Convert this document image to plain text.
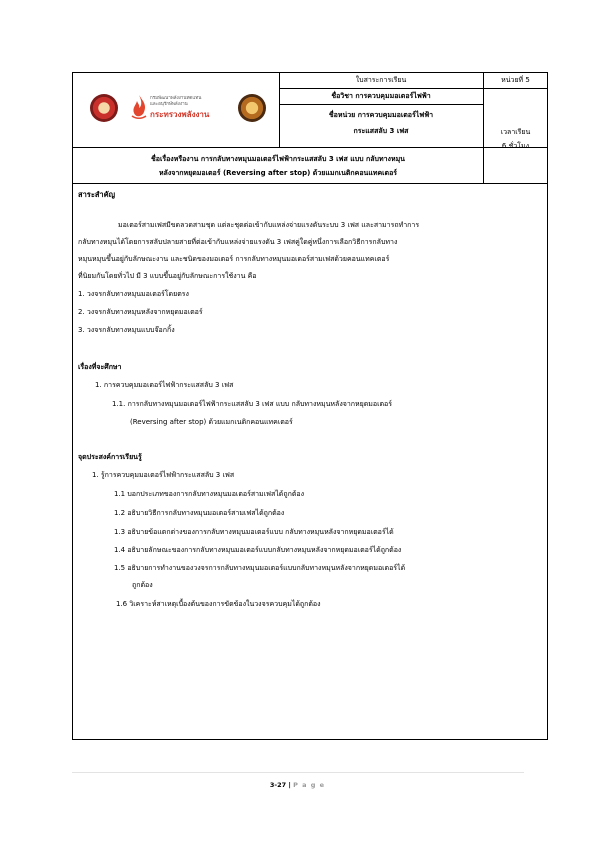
กรมพัฒนาพลังงานทดแทน
และอนุรักษ์พลังงาน
กระทรวงพลังงาน
ใบสาระการเรียน	หน่วยที่ 5
ชื่อวิชา การควบคุมมอเตอร์ไฟฟ้า
ชื่อหน่วย การควบคุมมอเตอร์ไฟฟ้า
กระแสสลับ 3 เฟส	เวลาเรียน
6 ชั่วโมง
ชื่อเรื่องหรืองาน การกลับทางหมุนมอเตอร์ไฟฟ้ากระแสสลับ 3 เฟส แบบ กลับทางหมุน
หลังจากหยุดมอเตอร์ (Reversing after stop) ด้วยแมกเนติกคอนแทคเตอร์
สาระสำคัญ
มอเตอร์สามเฟสมีขดลวดสามชุด แต่ละชุดต่อเข้ากับแหล่งจ่ายแรงดันระบบ 3 เฟส และสามารถทำการ
กลับทางหมุนได้โดยการสลับปลายสายที่ต่อเข้ากับแหล่งจ่ายแรงดัน 3 เฟสคู่ใดคู่หนึ่งการเลือกวิธีการกลับทาง
หมุนหมุนขึ้นอยู่กับลักษณะงาน และชนิดของมอเตอร์ การกลับทางหมุนมอเตอร์สามเฟสด้วยคอนแทคเตอร์
ที่นิยมกันโดยทั่วไป มี 3 แบบขึ้นอยู่กับลักษณะการใช้งาน คือ
1. วงจรกลับทางหมุนมอเตอร์โดยตรง
2. วงจรกลับทางหมุนหลังจากหยุดมอเตอร์
3. วงจรกลับทางหมุนแบบจ๊อกกิ้ง
เรื่องที่จะศึกษา
1. การควบคุมมอเตอร์ไฟฟ้ากระแสสลับ 3 เฟส
1.1. การกลับทางหมุนมอเตอร์ไฟฟ้ากระแสสลับ 3 เฟส แบบ กลับทางหมุนหลังจากหยุดมอเตอร์
(Reversing after stop) ด้วยแมกเนติกคอนแทคเตอร์
จุดประสงค์การเรียนรู้
1. รู้การควบคุมมอเตอร์ไฟฟ้ากระแสสลับ 3 เฟส
1.1 บอกประเภทของการกลับทางหมุนมอเตอร์สามเฟสได้ถูกต้อง
1.2 อธิบายวิธีการกลับทางหมุนมอเตอร์สามเฟสได้ถูกต้อง
1.3 อธิบายข้อแตกต่างของการกลับทางหมุนมอเตอร์แบบ กลับทางหมุนหลังจากหยุดมอเตอร์ได้
1.4 อธิบายลักษณะของการกลับทางหมุนมอเตอร์แบบกลับทางหมุนหลังจากหยุดมอเตอร์ได้ถูกต้อง
1.5 อธิบายการทำงานของวงจรการกลับทางหมุนมอเตอร์แบบกลับทางหมุนหลังจากหยุดมอเตอร์ได้
ถูกต้อง
1.6 วิเคราะห์สาเหตุเบื้องต้นของการขัดข้องในวงจรควบคุมได้ถูกต้อง
3-27 | P a g e
